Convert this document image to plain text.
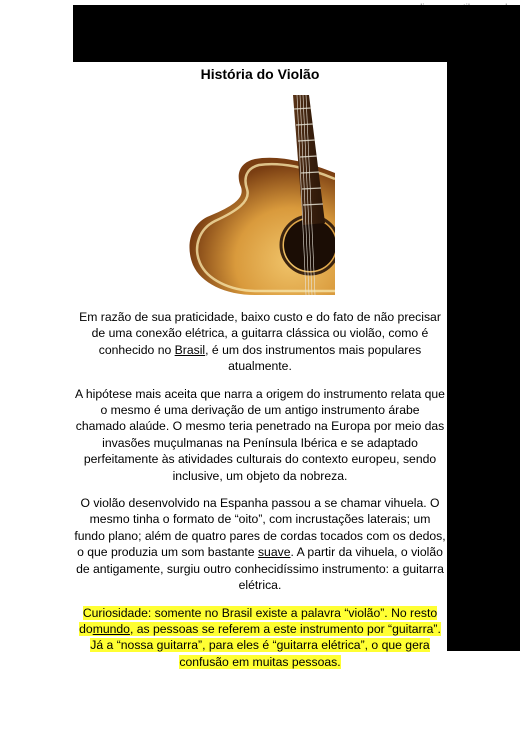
História do Violão

Em razão de sua praticidade, baixo custo e do fato de não precisar de uma conexão elétrica, a guitarra clássica ou violão, como é conhecido no Brasil, é um dos instrumentos mais populares atualmente.

A hipótese mais aceita que narra a origem do instrumento relata que o mesmo é uma derivação de um antigo instrumento árabe chamado alaúde. O mesmo teria penetrado na Europa por meio das invasões muçulmanas na Península Ibérica e se adaptado perfeitamente às atividades culturais do contexto europeu, sendo inclusive, um objeto da nobreza.

O violão desenvolvido na Espanha passou a se chamar vihuela. O mesmo tinha o formato de “oito”, com incrustações laterais; um fundo plano; além de quatro pares de cordas tocados com os dedos, o que produzia um som bastante suave. A partir da vihuela, o violão de antigamente, surgiu outro conhecidíssimo instrumento: a guitarra elétrica.

Curiosidade: somente no Brasil existe a palavra “violão”. No resto domundo, as pessoas se referem a este instrumento por “guitarra”. Já a “nossa guitarra”, para eles é “guitarra elétrica”, o que gera confusão em muitas pessoas.
